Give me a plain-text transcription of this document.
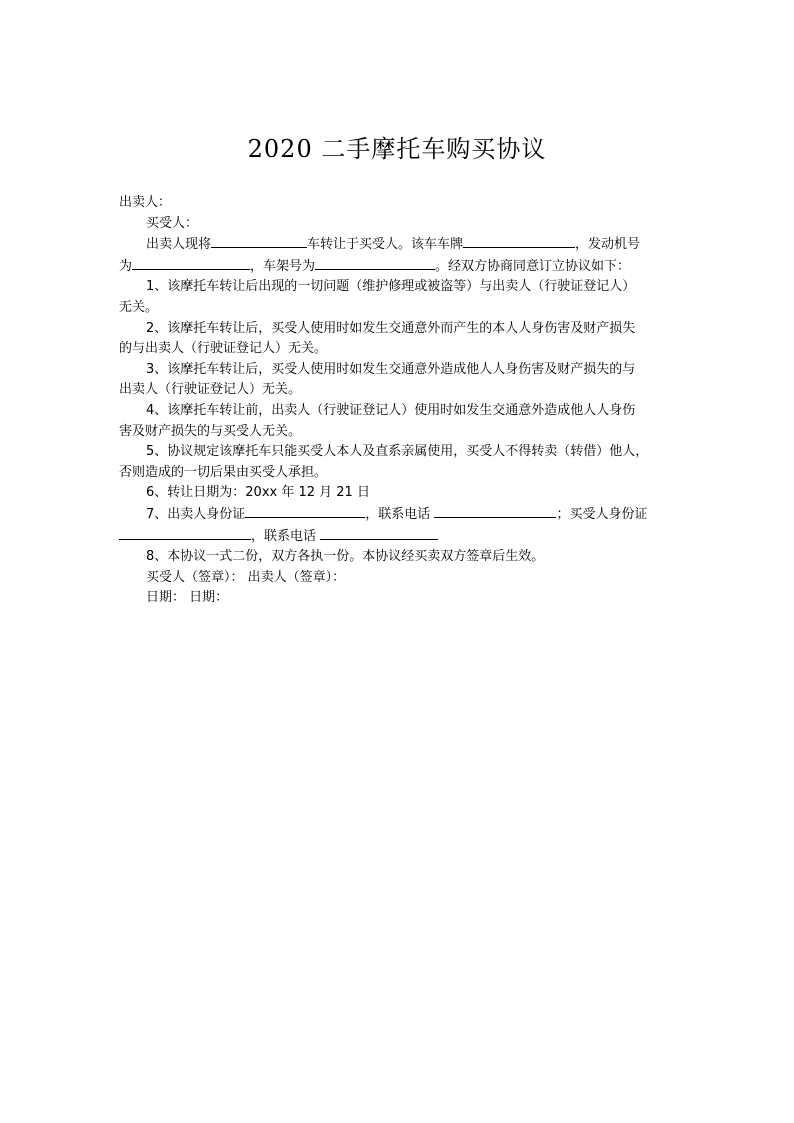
2020 二手摩托车购买协议
出卖人：
买受人：
出卖人现将	车转让于买受人。该车车牌	，发动机号
为	，车架号为	。经双方协商同意订立协议如下：
1、该摩托车转让后出现的一切问题（维护修理或被盗等）与出卖人（行驶证登记人）
无关。
2、该摩托车转让后，买受人使用时如发生交通意外而产生的本人人身伤害及财产损失
的与出卖人（行驶证登记人）无关。
3、该摩托车转让后，买受人使用时如发生交通意外造成他人人身伤害及财产损失的与
出卖人（行驶证登记人）无关。
4、该摩托车转让前，出卖人（行驶证登记人）使用时如发生交通意外造成他人人身伤
害及财产损失的与买受人无关。
5、协议规定该摩托车只能买受人本人及直系亲属使用，买受人不得转卖（转借）他人，
否则造成的一切后果由买受人承担。
6、转让日期为：20xx 年 12 月 21 日
7、出卖人身份证	，联系电话	；买受人身份证
，联系电话
8、本协议一式二份，双方各执一份。本协议经买卖双方签章后生效。
买受人（签章）： 出卖人（签章）：
日期： 日期：
